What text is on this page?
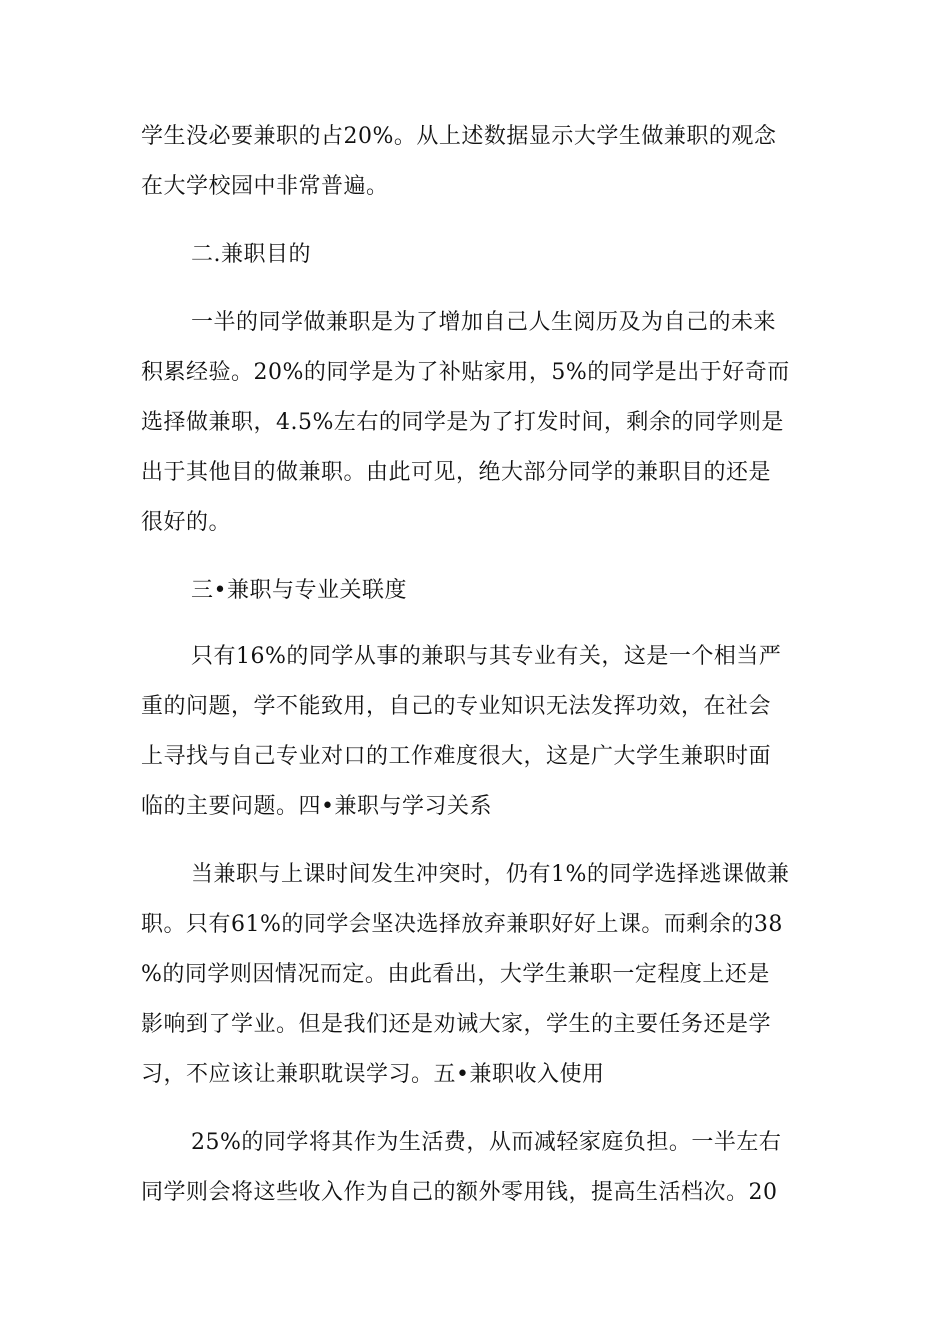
学生没必要兼职的占20%。从上述数据显示大学生做兼职的观念
在大学校园中非常普遍。
二.兼职目的
一半的同学做兼职是为了增加自己人生阅历及为自己的未来
积累经验。20%的同学是为了补贴家用，5%的同学是出于好奇而
选择做兼职，4.5%左右的同学是为了打发时间，剩余的同学则是
出于其他目的做兼职。由此可见，绝大部分同学的兼职目的还是
很好的。
三•兼职与专业关联度
只有16%的同学从事的兼职与其专业有关，这是一个相当严
重的问题，学不能致用，自己的专业知识无法发挥功效，在社会
上寻找与自己专业对口的工作难度很大，这是广大学生兼职时面
临的主要问题。四•兼职与学习关系
当兼职与上课时间发生冲突时，仍有1%的同学选择逃课做兼
职。只有61%的同学会坚决选择放弃兼职好好上课。而剩余的38
%的同学则因情况而定。由此看出，大学生兼职一定程度上还是
影响到了学业。但是我们还是劝诫大家，学生的主要任务还是学
习，不应该让兼职耽误学习。五•兼职收入使用
25%的同学将其作为生活费，从而减轻家庭负担。一半左右
同学则会将这些收入作为自己的额外零用钱，提高生活档次。20
